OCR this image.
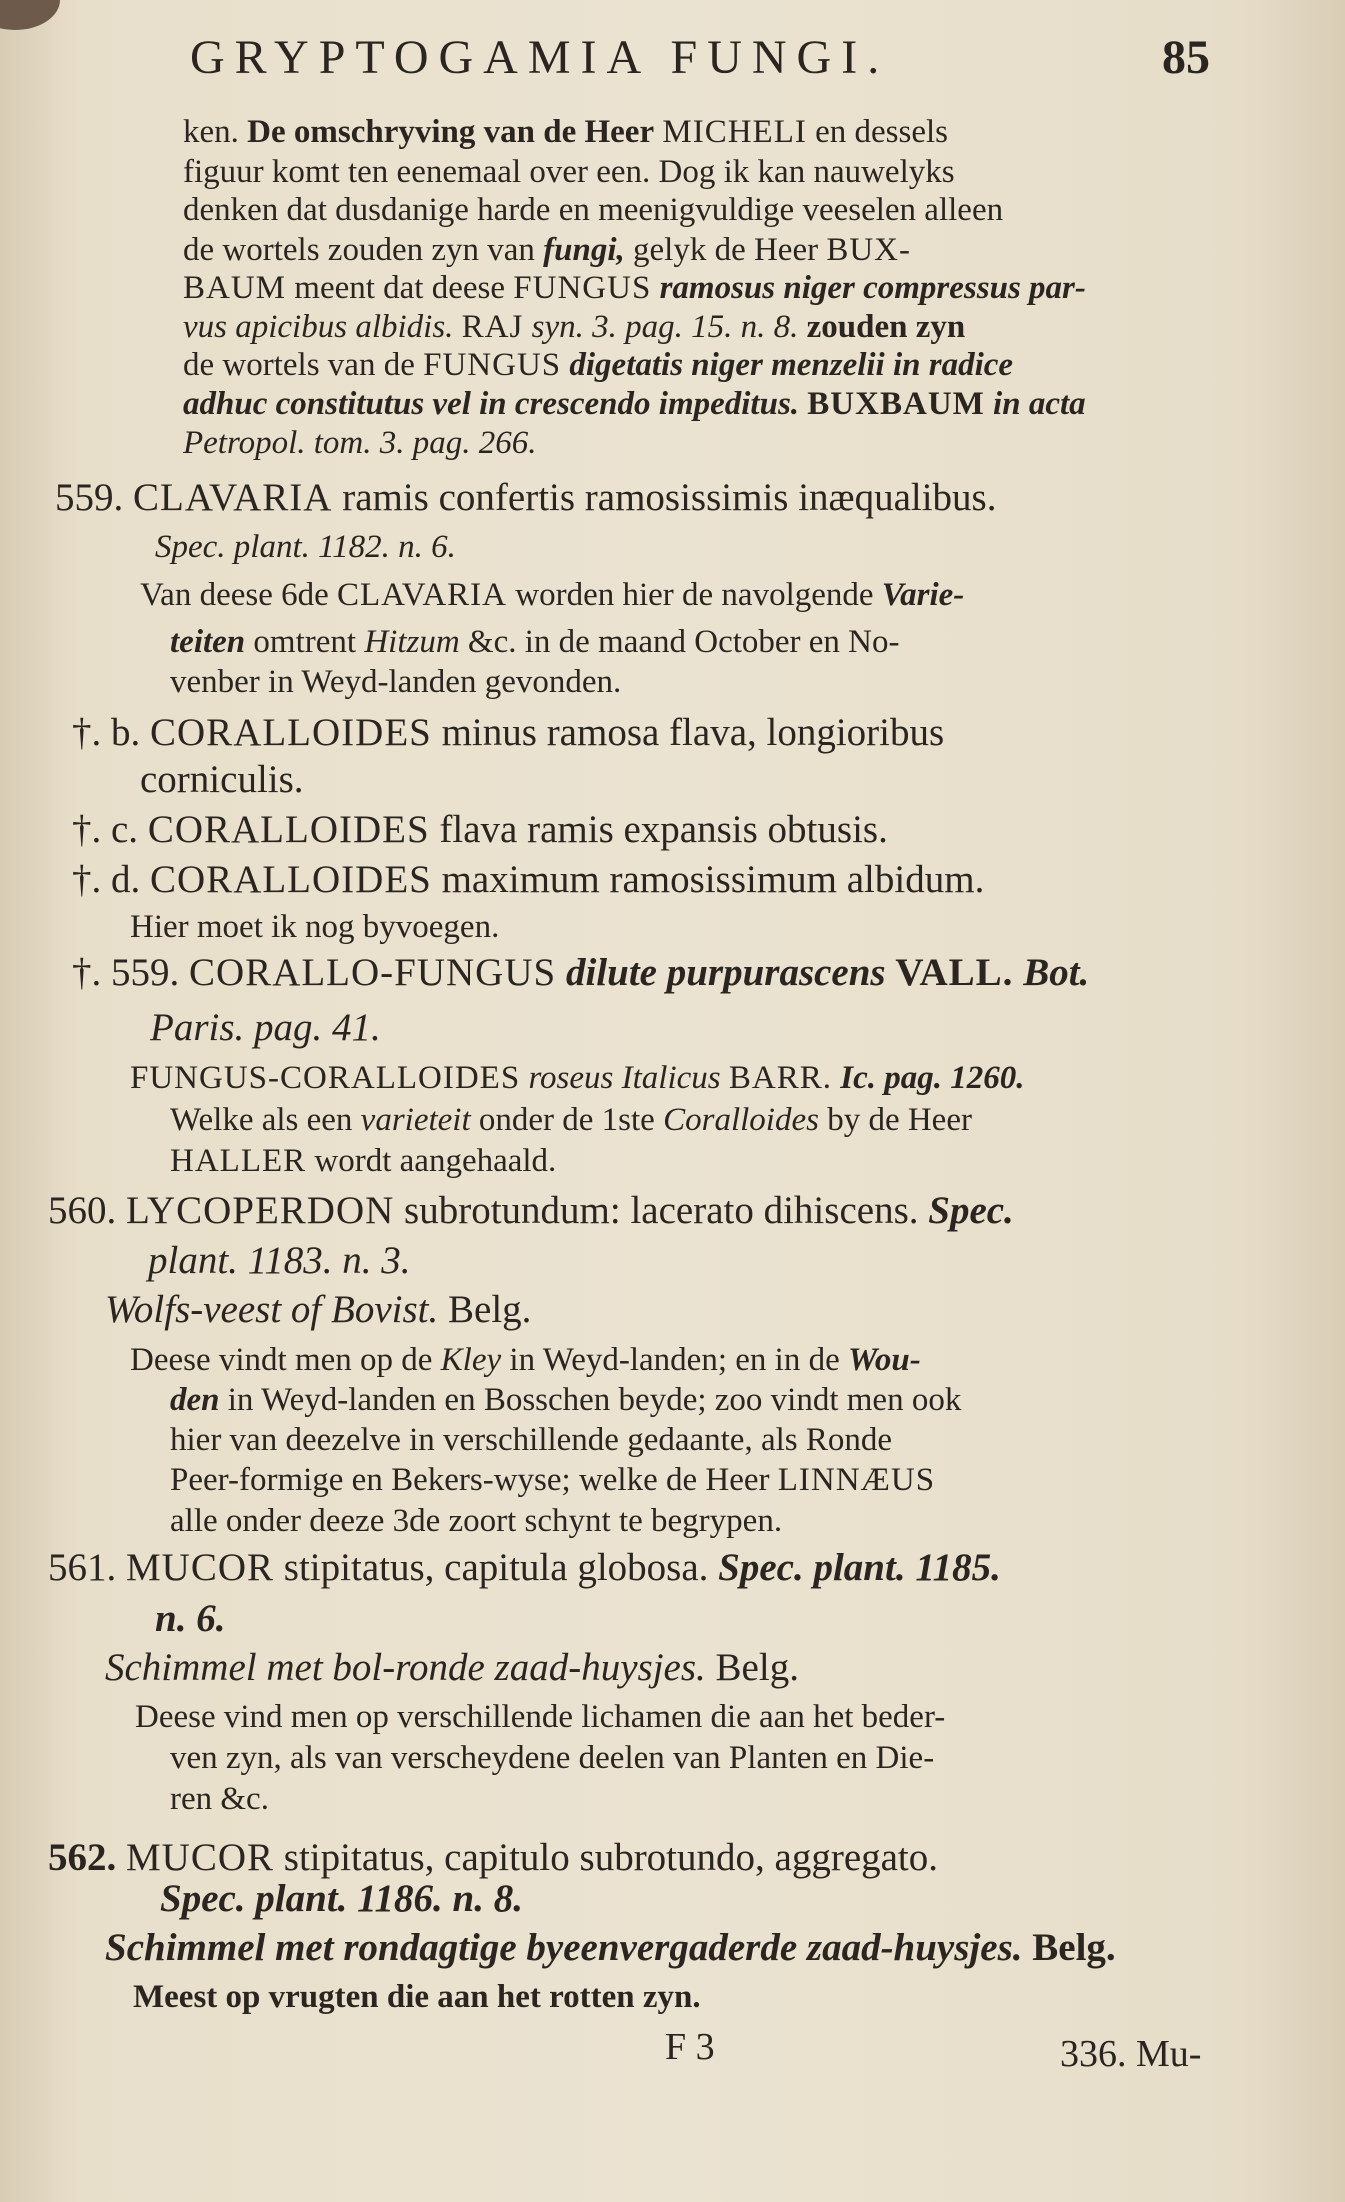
GRYPTOGAMIA FUNGI.	85
ken. De omschryving van de Heer MICHELI en dessels
figuur komt ten eenemaal over een. Dog ik kan nauwelyks
denken dat dusdanige harde en meenigvuldige veeselen alleen
de wortels zouden zyn van fungi, gelyk de Heer BUX-
BAUM meent dat deese FUNGUS ramosus niger compressus par-
vus apicibus albidis. RAJ syn. 3. pag. 15. n. 8. zouden zyn
de wortels van de FUNGUS digetatis niger menzelii in radice
adhuc constitutus vel in crescendo impeditus. BUXBAUM in acta
Petropol. tom. 3. pag. 266.
559. CLAVARIA ramis confertis ramosissimis inæqualibus.
Spec. plant. 1182. n. 6.
Van deese 6de CLAVARIA worden hier de navolgende Varie-
teiten omtrent Hitzum &c. in de maand October en No-
venber in Weyd-landen gevonden.
†. b. CORALLOIDES minus ramosa flava, longioribus
corniculis.
†. c. CORALLOIDES flava ramis expansis obtusis.
†. d. CORALLOIDES maximum ramosissimum albidum.
Hier moet ik nog byvoegen.
†. 559. CORALLO-FUNGUS dilute purpurascens VALL. Bot.
Paris. pag. 41.
FUNGUS-CORALLOIDES roseus Italicus BARR. Ic. pag. 1260.
Welke als een varieteit onder de 1ste Coralloides by de Heer
HALLER wordt aangehaald.
560. LYCOPERDON subrotundum: lacerato dihiscens. Spec.
plant. 1183. n. 3.
Wolfs-veest of Bovist. Belg.
Deese vindt men op de Kley in Weyd-landen; en in de Wou-
den in Weyd-landen en Bosschen beyde; zoo vindt men ook
hier van deezelve in verschillende gedaante, als Ronde
Peer-formige en Bekers-wyse; welke de Heer LINNÆUS
alle onder deeze 3de zoort schynt te begrypen.
561. MUCOR stipitatus, capitula globosa. Spec. plant. 1185.
n. 6.
Schimmel met bol-ronde zaad-huysjes. Belg.
Deese vind men op verschillende lichamen die aan het beder-
ven zyn, als van verscheydene deelen van Planten en Die-
ren &c.
562. MUCOR stipitatus, capitulo subrotundo, aggregato.
Spec. plant. 1186. n. 8.
Schimmel met rondagtige byeenvergaderde zaad-huysjes. Belg.
Meest op vrugten die aan het rotten zyn.
F 3	336. Mu-
